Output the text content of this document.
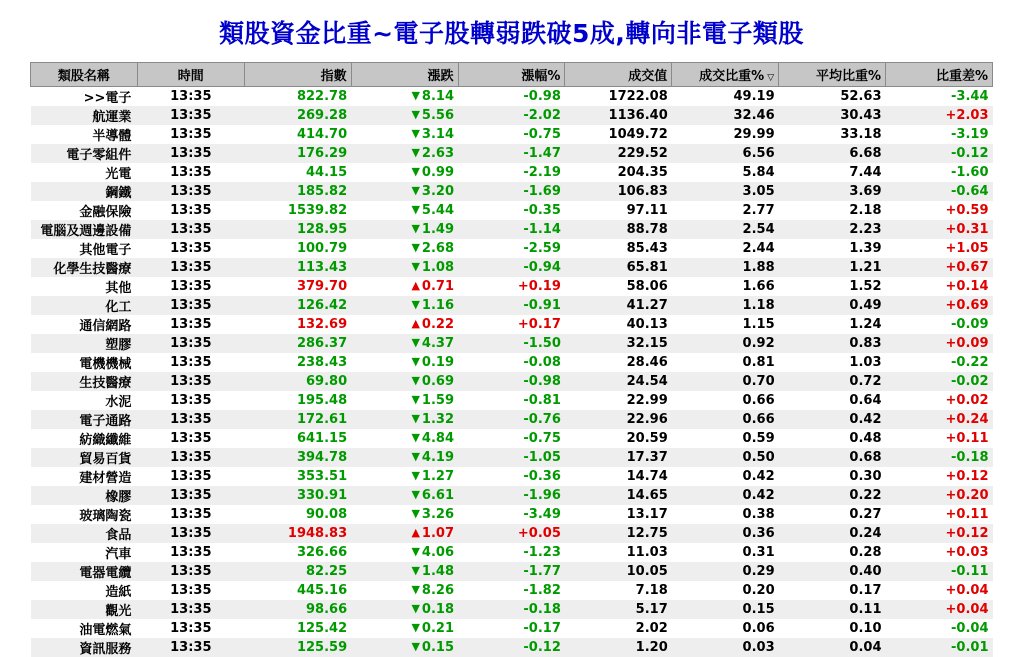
類股資金比重~電子股轉弱跌破5成,轉向非電子類股
類股名稱	時間	指數	漲跌	漲幅%	成交值	成交比重% ▽	平均比重%	比重差%
>>電子	13:35	822.78	▼ 8.14	-0.98	1722.08	49.19	52.63	-3.44
航運業	13:35	269.28	▼ 5.56	-2.02	1136.40	32.46	30.43	+2.03
半導體	13:35	414.70	▼ 3.14	-0.75	1049.72	29.99	33.18	-3.19
電子零組件	13:35	176.29	▼ 2.63	-1.47	229.52	6.56	6.68	-0.12
光電	13:35	44.15	▼ 0.99	-2.19	204.35	5.84	7.44	-1.60
鋼鐵	13:35	185.82	▼ 3.20	-1.69	106.83	3.05	3.69	-0.64
金融保險	13:35	1539.82	▼ 5.44	-0.35	97.11	2.77	2.18	+0.59
電腦及週邊設備	13:35	128.95	▼ 1.49	-1.14	88.78	2.54	2.23	+0.31
其他電子	13:35	100.79	▼ 2.68	-2.59	85.43	2.44	1.39	+1.05
化學生技醫療	13:35	113.43	▼ 1.08	-0.94	65.81	1.88	1.21	+0.67
其他	13:35	379.70	▲ 0.71	+0.19	58.06	1.66	1.52	+0.14
化工	13:35	126.42	▼ 1.16	-0.91	41.27	1.18	0.49	+0.69
通信網路	13:35	132.69	▲ 0.22	+0.17	40.13	1.15	1.24	-0.09
塑膠	13:35	286.37	▼ 4.37	-1.50	32.15	0.92	0.83	+0.09
電機機械	13:35	238.43	▼ 0.19	-0.08	28.46	0.81	1.03	-0.22
生技醫療	13:35	69.80	▼ 0.69	-0.98	24.54	0.70	0.72	-0.02
水泥	13:35	195.48	▼ 1.59	-0.81	22.99	0.66	0.64	+0.02
電子通路	13:35	172.61	▼ 1.32	-0.76	22.96	0.66	0.42	+0.24
紡織纖維	13:35	641.15	▼ 4.84	-0.75	20.59	0.59	0.48	+0.11
貿易百貨	13:35	394.78	▼ 4.19	-1.05	17.37	0.50	0.68	-0.18
建材營造	13:35	353.51	▼ 1.27	-0.36	14.74	0.42	0.30	+0.12
橡膠	13:35	330.91	▼ 6.61	-1.96	14.65	0.42	0.22	+0.20
玻璃陶瓷	13:35	90.08	▼ 3.26	-3.49	13.17	0.38	0.27	+0.11
食品	13:35	1948.83	▲ 1.07	+0.05	12.75	0.36	0.24	+0.12
汽車	13:35	326.66	▼ 4.06	-1.23	11.03	0.31	0.28	+0.03
電器電纜	13:35	82.25	▼ 1.48	-1.77	10.05	0.29	0.40	-0.11
造紙	13:35	445.16	▼ 8.26	-1.82	7.18	0.20	0.17	+0.04
觀光	13:35	98.66	▼ 0.18	-0.18	5.17	0.15	0.11	+0.04
油電燃氣	13:35	125.42	▼ 0.21	-0.17	2.02	0.06	0.10	-0.04
資訊服務	13:35	125.59	▼ 0.15	-0.12	1.20	0.03	0.04	-0.01
